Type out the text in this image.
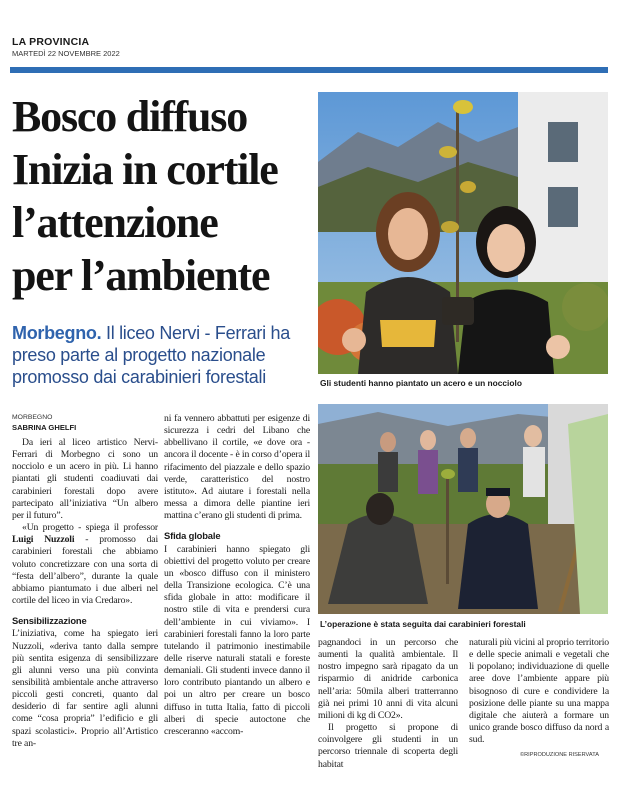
LA PROVINCIA
MARTEDÌ 22 NOVEMBRE 2022
Bosco diffuso
Inizia in cortile
l’attenzione
per l’ambiente
Morbegno. Il liceo Nervi - Ferrari ha preso parte al progetto nazionale promosso dai carabinieri forestali	Gli studenti hanno piantato un acero e un nocciolo
L’operazione è stata seguita dai carabinieri forestali
MORBEGNO
SABRINA GHELFI

Da ieri al liceo artistico Nervi-Ferrari di Morbegno ci sono un nocciolo e un acero in più. Li hanno piantati gli studenti coadiuvati dai carabinieri forestali dopo avere partecipato all’iniziativa “Un albero per il futuro”.

«Un progetto - spiega il professor Luigi Nuzzoli - promosso dai carabinieri forestali che abbiamo voluto concretizzare con una sorta di “festa dell’albero”, durante la quale abbiamo piantumato i due alberi nel cortile del liceo in via Credaro».

Sensibilizzazione

L’iniziativa, come ha spiegato ieri Nuzzoli, «deriva tanto dalla sempre più sentita esigenza di sensibilizzare gli alunni verso una più convinta sensibilità ambientale anche attraverso piccoli gesti concreti, quanto dal desiderio di far sentire agli alunni come “cosa propria” l’edificio e gli spazi scolastici». Proprio all’Artistico tre an-

ni fa vennero abbattuti per esigenze di sicurezza i cedri del Libano che abbellivano il cortile, «e dove ora - ancora il docente - è in corso d’opera il rifacimento del piazzale e dello spazio verde, caratteristico del nostro istituto». Ad aiutare i forestali nella messa a dimora delle piantine ieri mattina c’erano gli studenti di prima.

Sfida globale

I carabinieri hanno spiegato gli obiettivi del progetto voluto per creare un «bosco diffuso con il ministero della Transizione ecologica. C’è una sfida globale in atto: modificare il nostro stile di vita e prendersi cura dell’ambiente in cui viviamo». I carabinieri forestali fanno la loro parte tutelando il patrimonio inestimabile delle riserve naturali statali e foreste demaniali. Gli studenti invece danno il loro contributo piantando un albero e poi un altro per creare un bosco diffuso in tutta Italia, fatto di piccoli alberi di specie autoctone che cresceranno «accom-

pagnandoci in un percorso che aumenti la qualità ambientale. Il nostro impegno sarà ripagato da un risparmio di anidride carbonica nell’aria: 50mila alberi tratterranno già nei primi 10 anni di vita alcuni milioni di kg di CO2».

Il progetto si propone di coinvolgere gli studenti in un percorso triennale di scoperta degli habitat

naturali più vicini al proprio territorio e delle specie animali e vegetali che li popolano; individuazione di quelle aree dove l’ambiente appare più bisognoso di cure e condividere la posizione delle piante su una mappa digitale che aiuterà a formare un unico grande bosco diffuso da nord a sud.

©RIPRODUZIONE RISERVATA
